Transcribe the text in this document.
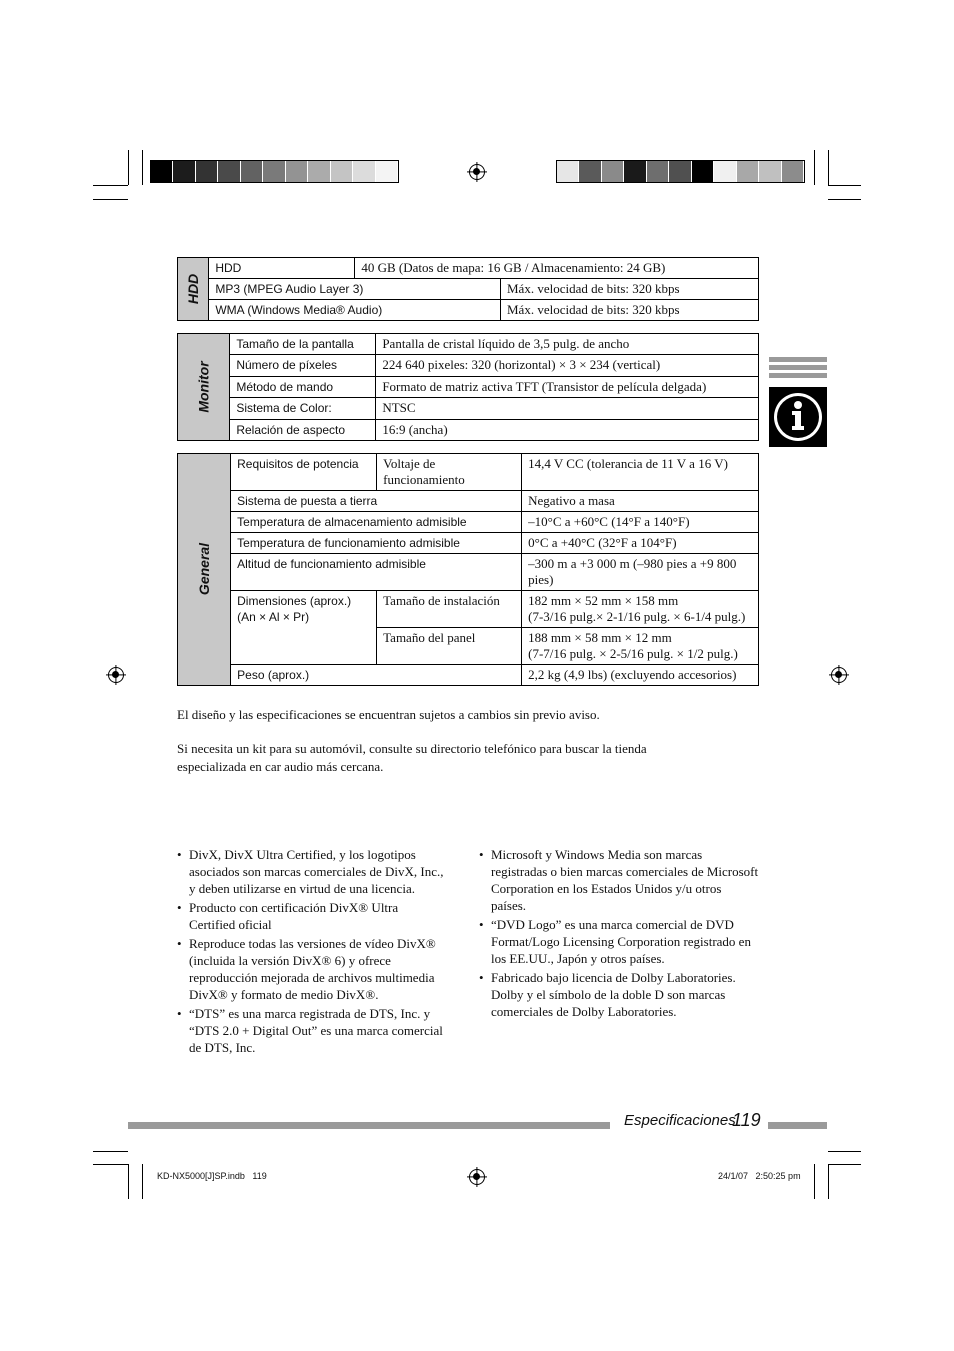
HDD	HDD	40 GB (Datos de mapa: 16 GB / Almacenamiento: 24 GB)	
	MP3 (MPEG Audio Layer 3)		Máx. velocidad de bits: 320 kbps
	WMA (Windows Media® Audio)		Máx. velocidad de bits: 320 kbps
Monitor	Tamaño de la pantalla	Pantalla de cristal líquido de 3,5 pulg. de ancho
	Número de píxeles	224 640 pixeles: 320 (horizontal) × 3 × 234 (vertical)
	Método de mando	Formato de matriz activa TFT (Transistor de película delgada)
	Sistema de Color:	NTSC
	Relación de aspecto	16:9 (ancha)
General	Requisitos de potencia	Voltaje de funcionamiento	14,4 V CC (tolerancia de 11 V a 16 V)
	Sistema de puesta a tierra		Negativo a masa
	Temperatura de almacenamiento admisible		–10°C a +60°C (14°F a 140°F)
	Temperatura de funcionamiento admisible		0°C a +40°C (32°F a 104°F)
	Altitud de funcionamiento admisible		–300 m a +3 000 m (–980 pies a +9 800 pies)
	Dimensiones (aprox.) (An × Al × Pr)	Tamaño de instalación	182 mm × 52 mm × 158 mm
(7-3/16 pulg.× 2-1/16 pulg. × 6-1/4 pulg.)

		Tamaño del panel	188 mm × 58 mm × 12 mm
(7-7/16 pulg. × 2-5/16 pulg. × 1/2 pulg.)

	Peso (aprox.)		2,2 kg (4,9 lbs) (excluyendo accesorios)
El diseño y las especificaciones se encuentran sujetos a cambios sin previo aviso.
Si necesita un kit para su automóvil, consulte su directorio telefónico para buscar la tienda especializada en car audio más cercana.
• DivX, DivX Ultra Certified, y los logotipos asociados son marcas comerciales de DivX, Inc., y deben utilizarse en virtud de una licencia.
• Producto con certificación DivX® Ultra Certified oficial
• Reproduce todas las versiones de vídeo DivX® (incluida la versión DivX® 6) y ofrece reproducción mejorada de archivos multimedia DivX® y formato de medio DivX®.
• “DTS” es una marca registrada de DTS, Inc. y “DTS 2.0 + Digital Out” es una marca comercial de DTS, Inc.
• Microsoft y Windows Media son marcas registradas o bien marcas comerciales de Microsoft Corporation en los Estados Unidos y/u otros países.
• “DVD Logo” es una marca comercial de DVD Format/Logo Licensing Corporation registrado en los EE.UU., Japón y otros países.
• Fabricado bajo licencia de Dolby Laboratories. Dolby y el símbolo de la doble D son marcas comerciales de Dolby Laboratories.
Especificaciones
119
KD-NX5000[J]SP.indb   119	24/1/07   2:50:25 pm
